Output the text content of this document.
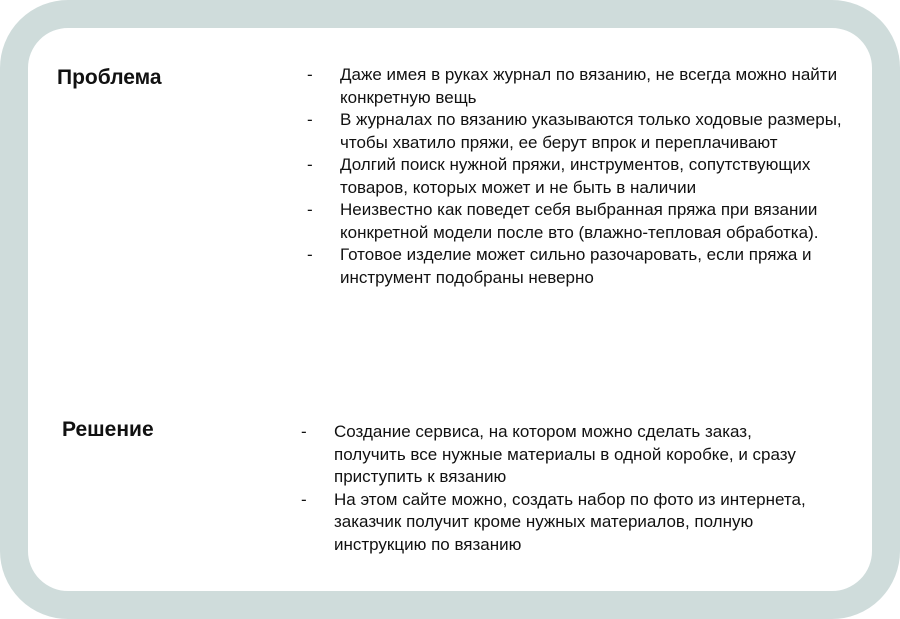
Проблема	-	Даже имея в руках журнал по вязанию, не всегда можно найти конкретную вещь
-	В журналах по вязанию указываются только ходовые размеры, чтобы хватило пряжи, ее берут впрок и переплачивают
-	Долгий поиск нужной пряжи, инструментов, сопутствующих товаров, которых может и не быть в наличии
-	Неизвестно как поведет себя выбранная пряжа при вязании конкретной модели после вто (влажно-тепловая обработка).
-	Готовое изделие может сильно разочаровать, если пряжа и инструмент подобраны неверно
Решение	-	Создание сервиса, на котором можно сделать заказ, получить все нужные материалы в одной коробке, и сразу приступить к вязанию
-	На этом сайте можно, создать набор по фото из интернета, заказчик получит кроме нужных материалов, полную инструкцию по вязанию
